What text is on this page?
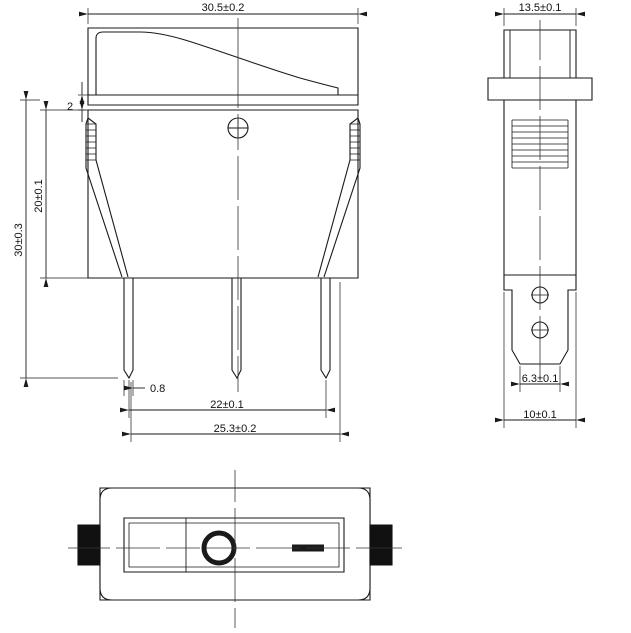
30.5±0.2
2
20±0.1
30±0.3
0.8
22±0.1
25.3±0.2
13.5±0.1
6.3±0.1
10±0.1
